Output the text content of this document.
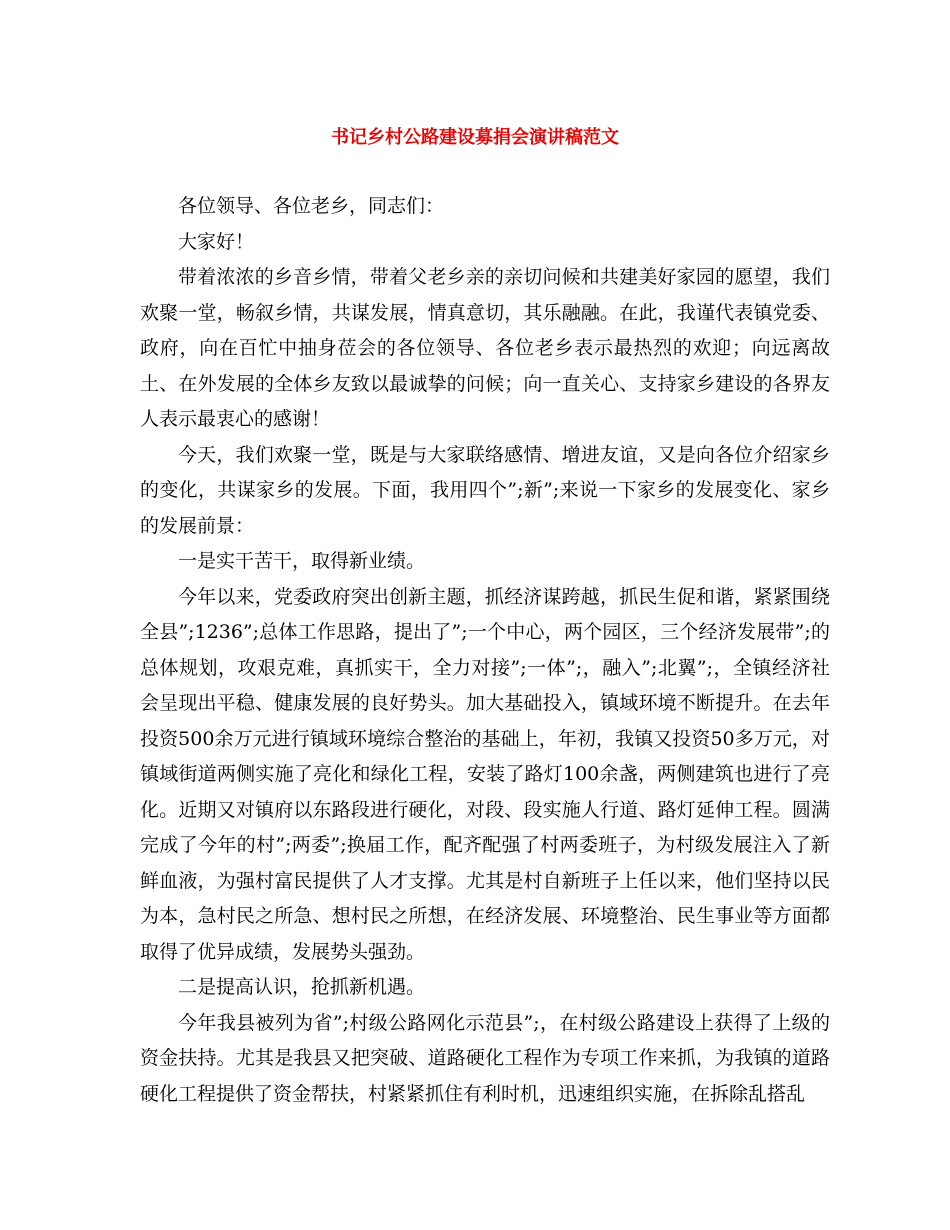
书记乡村公路建设募捐会演讲稿范文

各位领导、各位老乡，同志们：

大家好！

带着浓浓的乡音乡情，带着父老乡亲的亲切问候和共建美好家园的愿望，我们欢聚一堂，畅叙乡情，共谋发展，情真意切，其乐融融。在此，我谨代表镇党委、政府，向在百忙中抽身莅会的各位领导、各位老乡表示最热烈的欢迎；向远离故土、在外发展的全体乡友致以最诚挚的问候；向一直关心、支持家乡建设的各界友人表示最衷心的感谢！

今天，我们欢聚一堂，既是与大家联络感情、增进友谊，又是向各位介绍家乡的变化，共谋家乡的发展。下面，我用四个”;新”;来说一下家乡的发展变化、家乡的发展前景：

一是实干苦干，取得新业绩。

今年以来，党委政府突出创新主题，抓经济谋跨越，抓民生促和谐，紧紧围绕全县”;1236”;总体工作思路，提出了”;一个中心，两个园区，三个经济发展带”;的总体规划，攻艰克难，真抓实干，全力对接”;一体”;，融入”;北翼”;，全镇经济社会呈现出平稳、健康发展的良好势头。加大基础投入，镇域环境不断提升。在去年投资500余万元进行镇域环境综合整治的基础上，年初，我镇又投资50多万元，对镇域街道两侧实施了亮化和绿化工程，安装了路灯100余盏，两侧建筑也进行了亮化。近期又对镇府以东路段进行硬化，对段、段实施人行道、路灯延伸工程。圆满完成了今年的村”;两委”;换届工作，配齐配强了村两委班子，为村级发展注入了新鲜血液，为强村富民提供了人才支撑。尤其是村自新班子上任以来，他们坚持以民为本，急村民之所急、想村民之所想，在经济发展、环境整治、民生事业等方面都取得了优异成绩，发展势头强劲。

二是提高认识，抢抓新机遇。

今年我县被列为省”;村级公路网化示范县”;，在村级公路建设上获得了上级的资金扶持。尤其是我县又把突破、道路硬化工程作为专项工作来抓，为我镇的道路硬化工程提供了资金帮扶，村紧紧抓住有利时机，迅速组织实施，在拆除乱搭乱
